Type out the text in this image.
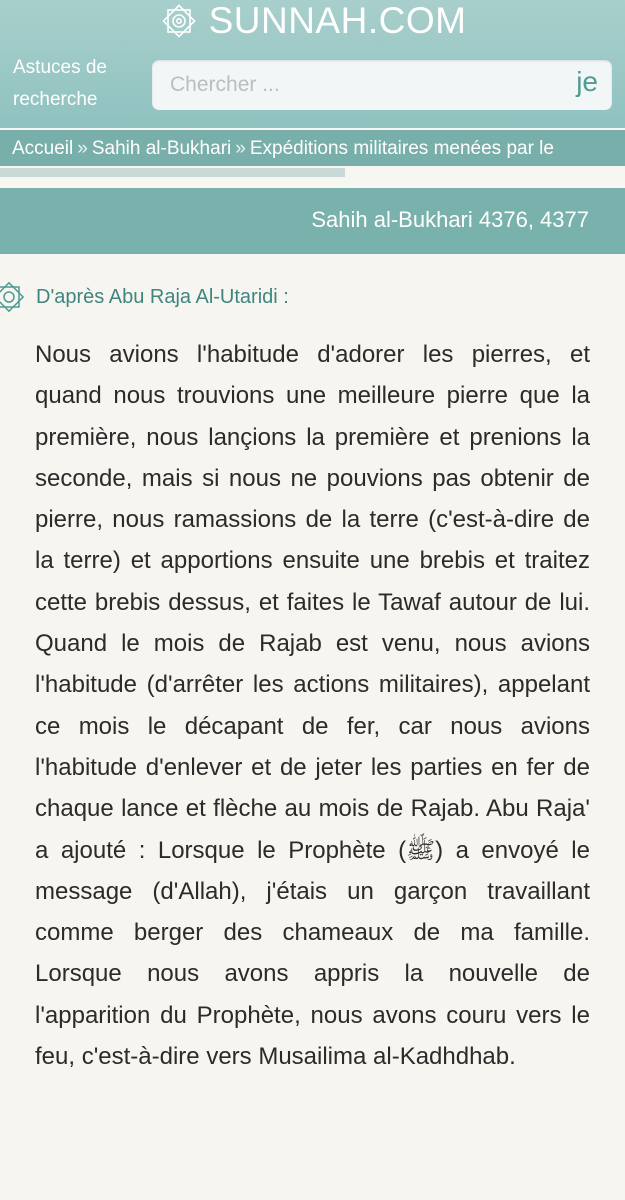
SUNNAH.COM
Astuces de
recherche
Chercher ...
je
Accueil » Sahih al-Bukhari » Expéditions militaires menées par le
Sahih al-Bukhari 4376, 4377
D'après Abu Raja Al-Utaridi :

Nous avions l'habitude d'adorer les pierres, et quand nous trouvions une meilleure pierre que la première, nous lançions la première et prenions la seconde, mais si nous ne pouvions pas obtenir de pierre, nous ramassions de la terre (c'est-à-dire de la terre) et apportions ensuite une brebis et traitez cette brebis dessus, et faites le Tawaf autour de lui. Quand le mois de Rajab est venu, nous avions l'habitude (d'arrêter les actions militaires), appelant ce mois le décapant de fer, car nous avions l'habitude d'enlever et de jeter les parties en fer de chaque lance et flèche au mois de Rajab. Abu Raja' a ajouté : Lorsque le Prophète (ﷺ) a envoyé le message (d'Allah), j'étais un garçon travaillant comme berger des chameaux de ma famille. Lorsque nous avons appris la nouvelle de l'apparition du Prophète, nous avons couru vers le feu, c'est-à-dire vers Musailima al-Kadhdhab.
